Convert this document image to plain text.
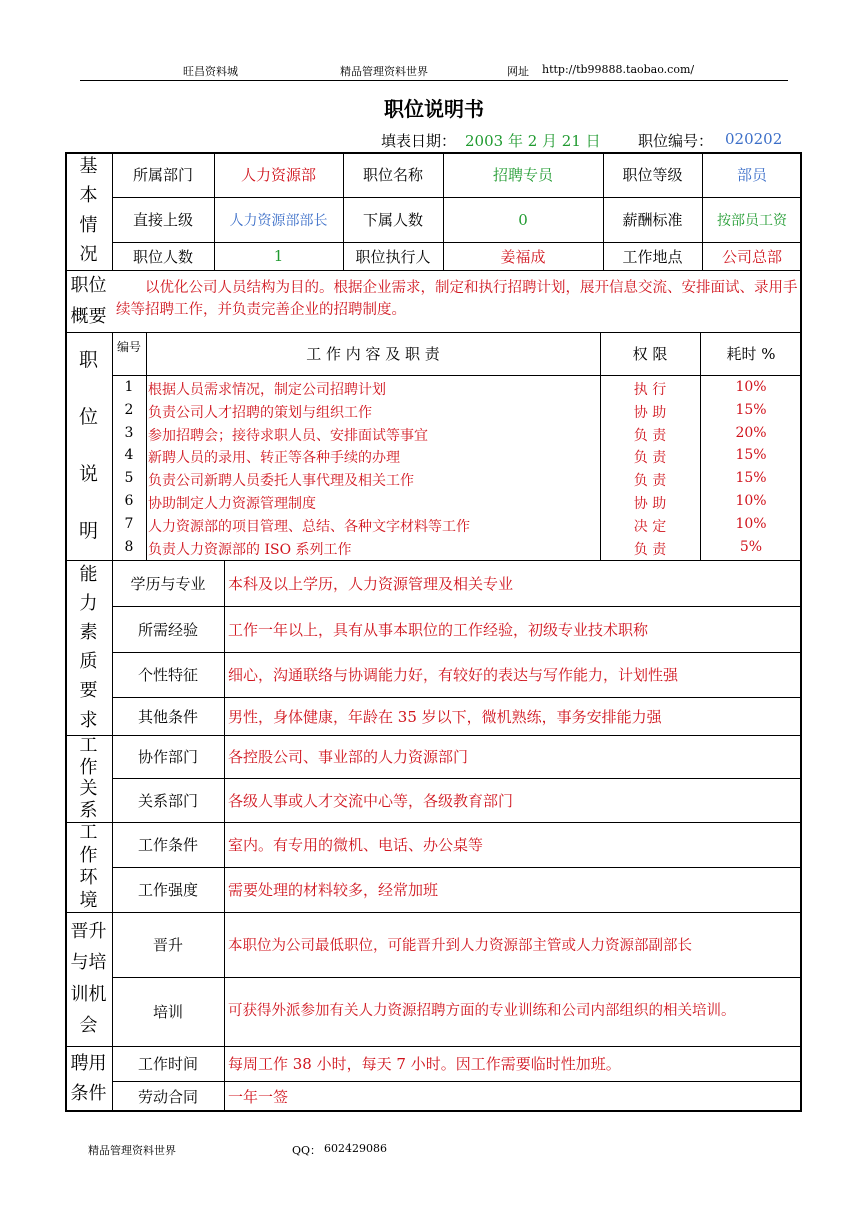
旺昌资料城	精品管理资料世界	网址 http://tb99888.taobao.com/
职位说明书
填表日期： 2003 年 2 月 21 日 职位编号： 020202
基
本
情
况
所属部门	人力资源部	职位名称	招聘专员	职位等级	部员
直接上级	人力资源部部长	下属人数	0	薪酬标准	按部员工资
职位人数	1	职位执行人	姜福成	工作地点	公司总部
职位
概要
以优化公司人员结构为目的。根据企业需求，制定和执行招聘计划，展开信息交流、安排面试、录用手续等招聘工作，并负责完善企业的招聘制度。
职
位
说
明
编号	工 作 内 容 及 职 责	权 限	耗时 %
1	根据人员需求情况，制定公司招聘计划	执 行	10%
2	负责公司人才招聘的策划与组织工作	协 助	15%
3	参加招聘会；接待求职人员、安排面试等事宜	负 责	20%
4	新聘人员的录用、转正等各种手续的办理	负 责	15%
5	负责公司新聘人员委托人事代理及相关工作	负 责	15%
6	协助制定人力资源管理制度	协 助	10%
7	人力资源部的项目管理、总结、各种文字材料等工作	决 定	10%
8	负责人力资源部的 ISO 系列工作	负 责	5%
能
力
素
质
要
求
学历与专业	本科及以上学历，人力资源管理及相关专业
所需经验	工作一年以上，具有从事本职位的工作经验，初级专业技术职称
个性特征	细心，沟通联络与协调能力好，有较好的表达与写作能力，计划性强
其他条件	男性，身体健康，年龄在 35 岁以下，微机熟练，事务安排能力强
工
作
关
系
协作部门	各控股公司、事业部的人力资源部门
关系部门	各级人事或人才交流中心等，各级教育部门
工
作
环
境
工作条件	室内。有专用的微机、电话、办公桌等
工作强度	需要处理的材料较多，经常加班
晋升
与培
训机
会
晋升	本职位为公司最低职位，可能晋升到人力资源部主管或人力资源部副部长
培训	可获得外派参加有关人力资源招聘方面的专业训练和公司内部组织的相关培训。
聘用
条件
工作时间	每周工作 38 小时，每天 7 小时。因工作需要临时性加班。
劳动合同	一年一签
精品管理资料世界	QQ： 602429086
